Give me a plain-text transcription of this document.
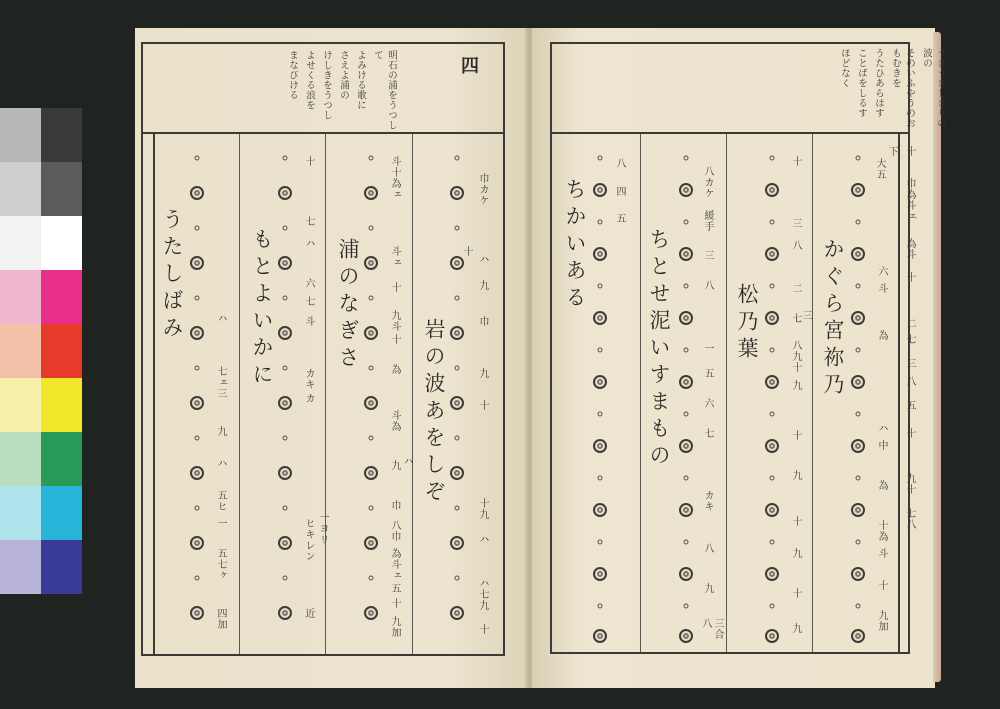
四
明石の浦をうつして
よみける歌に
さえよ浦の
けしきをうつし
よせくる浪を
まなびける
うたしばみ	ハ
七ェ
三
九
ハ
五ヒ
一
五七ヶ
四加
もとよいかに
十
七
ハ
六
七
斗
カキ
カ
ヒキレン 一ヨリ
近
浦のなぎさ
斗十為ェ
斗ェ
十
九斗
十
為
斗為
九 ハ
巾
八巾
為斗ェ
五
十
九加
岩の波あをしぞ
巾カケ
九
十
ハ
巾
九
十
十九
ハ
ハ七
九
十
うきうきしきりの波の
そのいふやうのおもむきを
うたひあらはす
ことばをしるす
ほどなく
ちかいある
八
四
五
ちとせ泥いすまもの
八カケ
緩手
三
八
一
五
六
七
カキ
八
九
三合
八
松乃葉
十
三
八
二
七 三
八九十
九
十
九
十
九
十
九
かぐら宮祢乃
下
大五
六
斗
為
ハ
中
為
十為
斗
十
九加
十
巾為斗ェ
為斗
十
二
七
三
八
五
十
九十
七八
